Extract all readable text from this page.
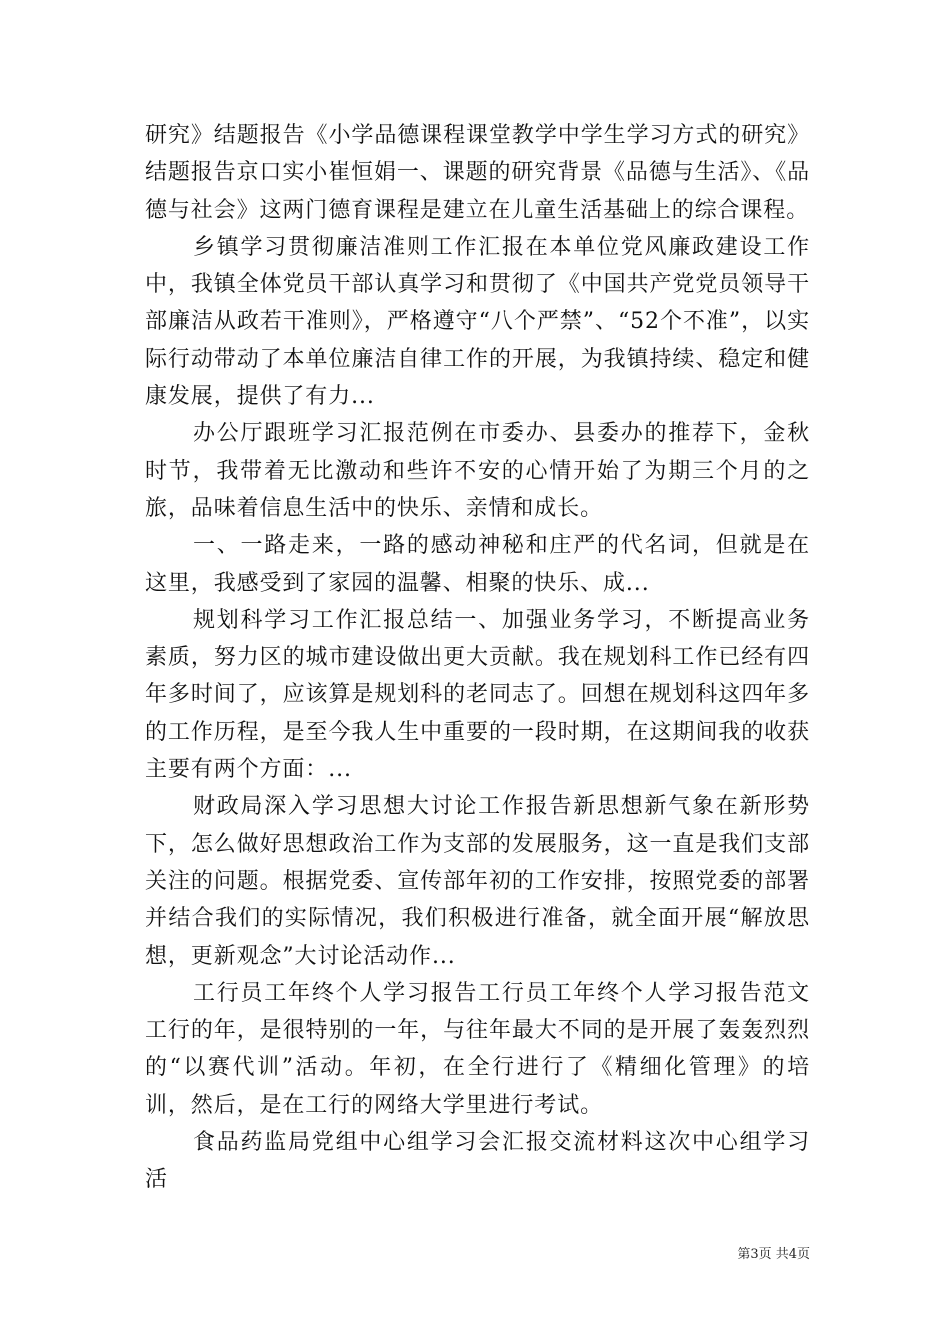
研究》结题报告《小学品德课程课堂教学中学生学习方式的研究》结题报告京口实小崔恒娟一、课题的研究背景《品德与生活》、《品德与社会》这两门德育课程是建立在儿童生活基础上的综合课程。

乡镇学习贯彻廉洁准则工作汇报在本单位党风廉政建设工作中，我镇全体党员干部认真学习和贯彻了《中国共产党党员领导干部廉洁从政若干准则》，严格遵守“八个严禁”、“52个不准”，以实际行动带动了本单位廉洁自律工作的开展，为我镇持续、稳定和健康发展，提供了有力...

办公厅跟班学习汇报范例在市委办、县委办的推荐下，金秋时节，我带着无比激动和些许不安的心情开始了为期三个月的之旅，品味着信息生活中的快乐、亲情和成长。

一、一路走来，一路的感动神秘和庄严的代名词，但就是在这里，我感受到了家园的温馨、相聚的快乐、成...

规划科学习工作汇报总结一、加强业务学习，不断提高业务素质，努力区的城市建设做出更大贡献。我在规划科工作已经有四年多时间了，应该算是规划科的老同志了。回想在规划科这四年多的工作历程，是至今我人生中重要的一段时期，在这期间我的收获主要有两个方面：...

财政局深入学习思想大讨论工作报告新思想新气象在新形势下，怎么做好思想政治工作为支部的发展服务，这一直是我们支部关注的问题。根据党委、宣传部年初的工作安排，按照党委的部署并结合我们的实际情况，我们积极进行准备，就全面开展“解放思想，更新观念”大讨论活动作...

工行员工年终个人学习报告工行员工年终个人学习报告范文工行的年，是很特别的一年，与往年最大不同的是开展了轰轰烈烈的“以赛代训”活动。年初，在全行进行了《精细化管理》的培训，然后，是在工行的网络大学里进行考试。

食品药监局党组中心组学习会汇报交流材料这次中心组学习活

第3页 共4页
